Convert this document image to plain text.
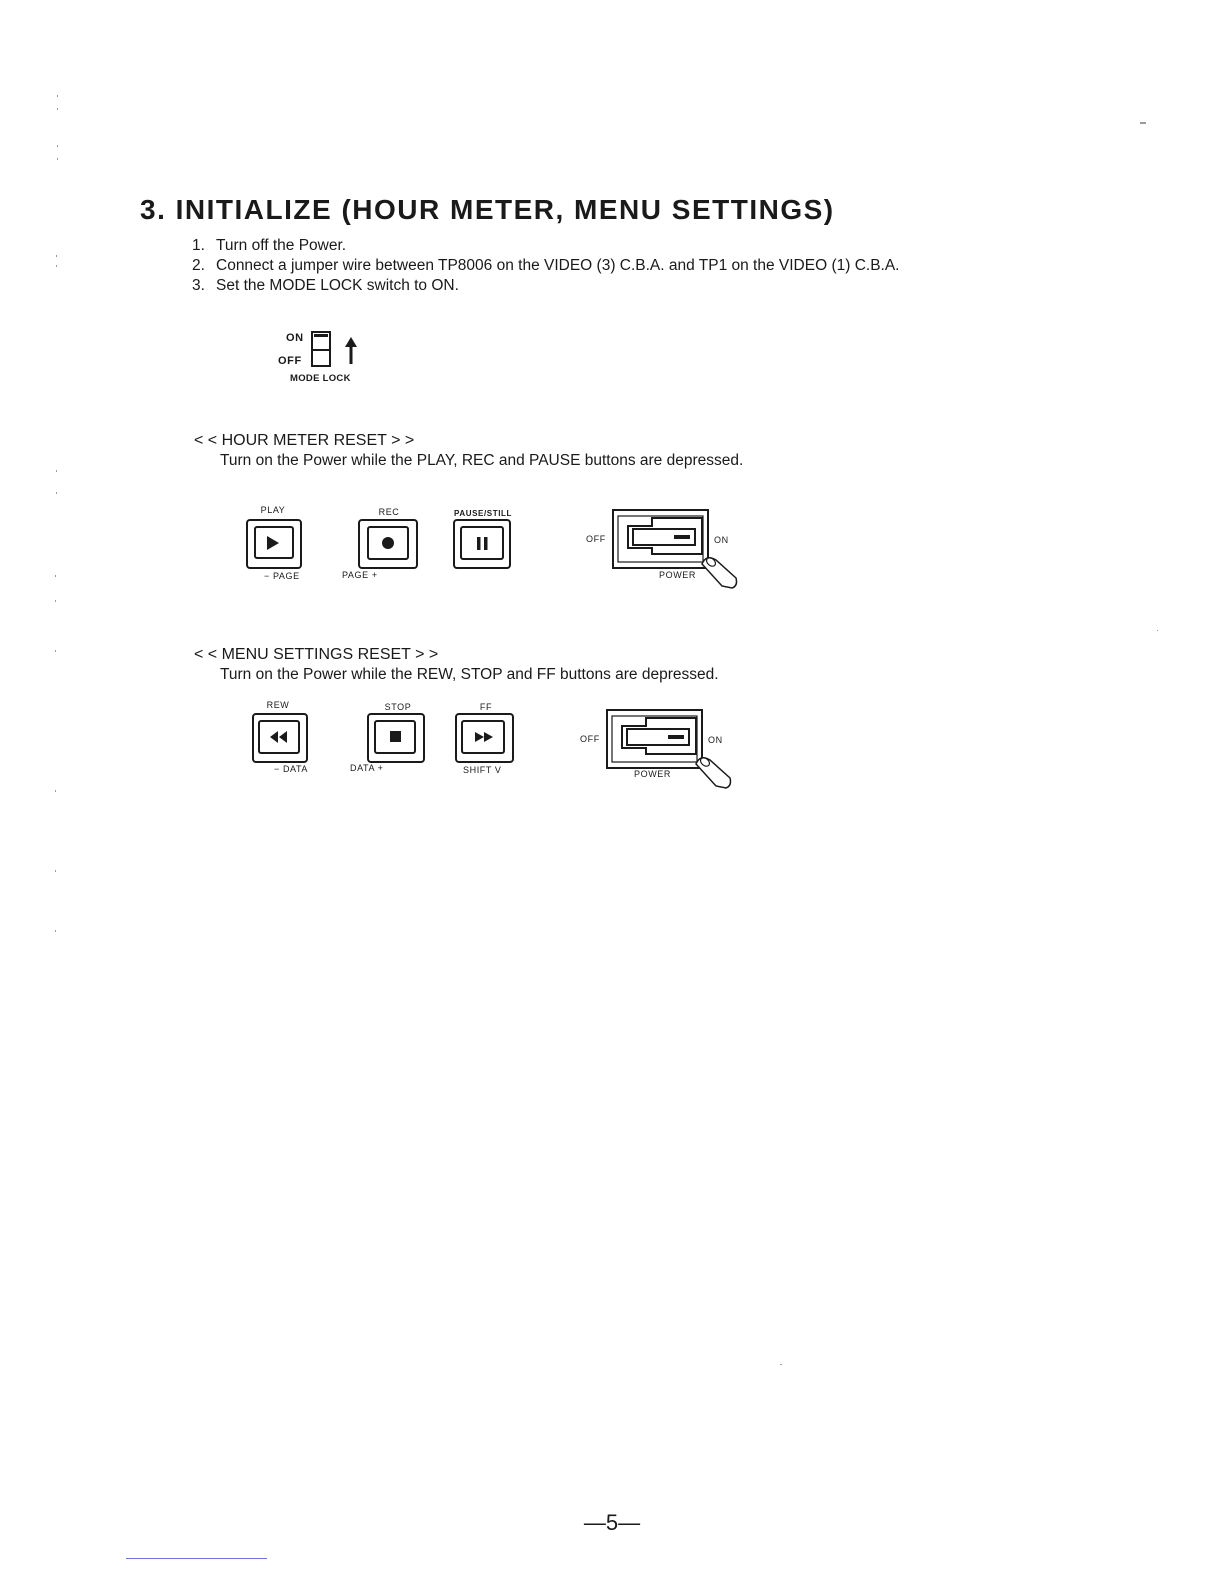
3. INITIALIZE (HOUR METER, MENU SETTINGS)
1. Turn off the Power.
2. Connect a jumper wire between TP8006 on the VIDEO (3) C.B.A. and TP1 on the VIDEO (1) C.B.A.
3. Set the MODE LOCK switch to ON.
ON
OFF
MODE LOCK
< < HOUR METER RESET > >
Turn on the Power while the PLAY, REC and PAUSE buttons are depressed.
PLAY
− PAGE
REC
PAGE +
PAUSE/STILL
OFF	ON
POWER
< < MENU SETTINGS RESET > >
Turn on the Power while the REW, STOP and FF buttons are depressed.
REW
− DATA
STOP
DATA +
FF
SHIFT V
OFF	ON
POWER
—5—
